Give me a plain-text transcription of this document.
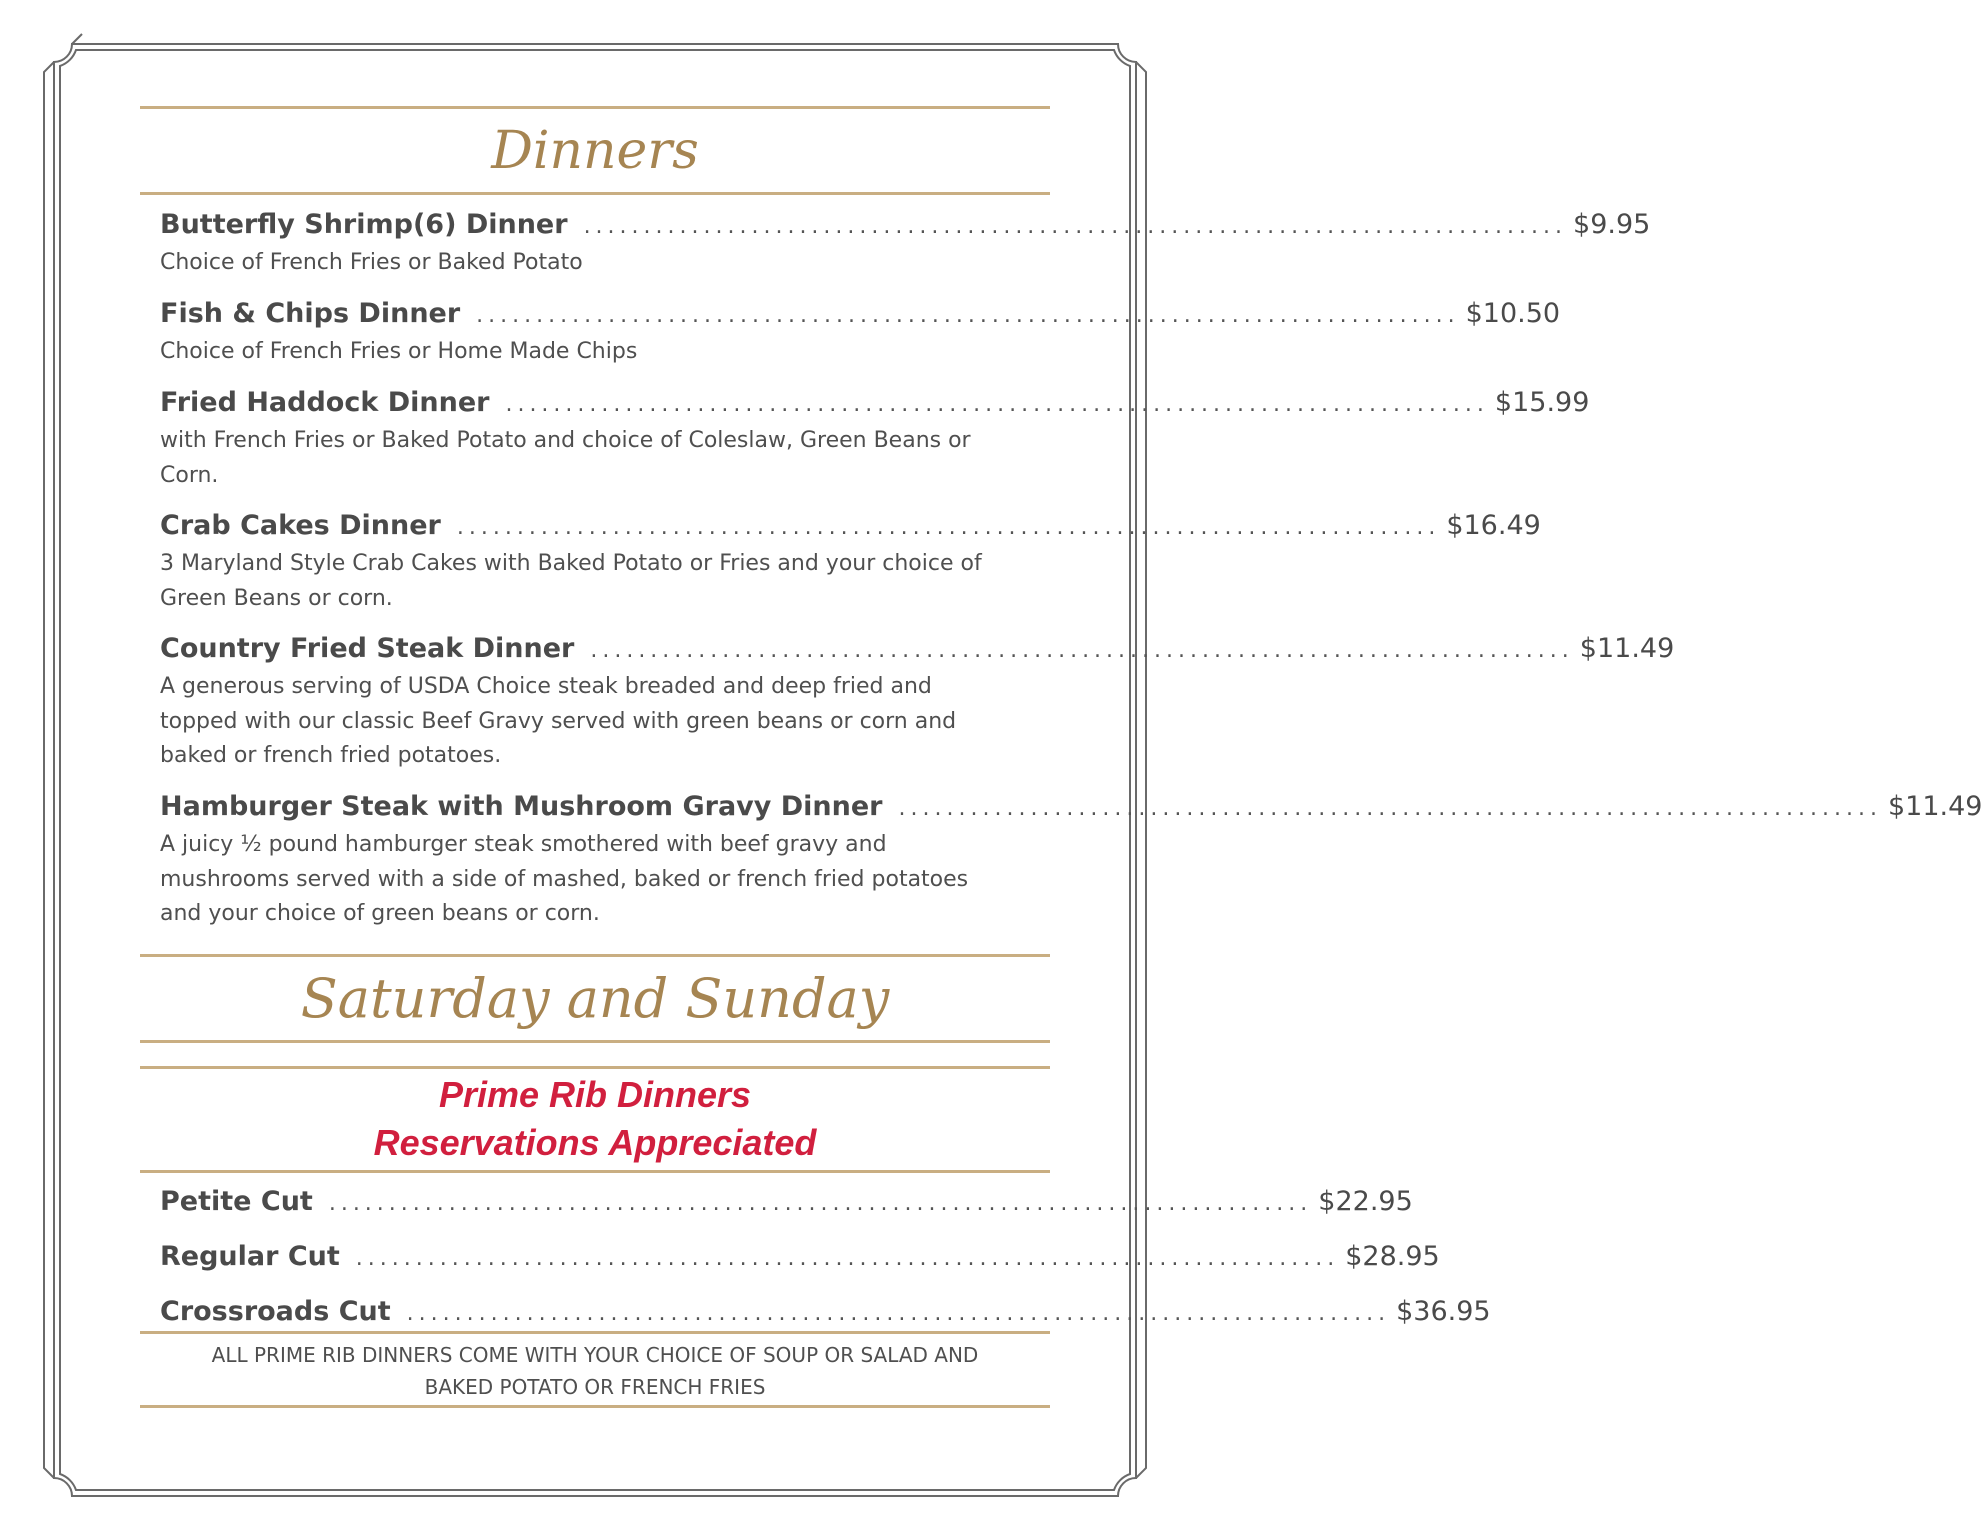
Dinners
Butterfly Shrimp(6) Dinner .................................................................................. $9.95
Choice of French Fries or Baked Potato
Fish & Chips Dinner .................................................................................. $10.50
Choice of French Fries or Home Made Chips
Fried Haddock Dinner .................................................................................. $15.99
with French Fries or Baked Potato and choice of Coleslaw, Green Beans or Corn.
Crab Cakes Dinner .................................................................................. $16.49
3 Maryland Style Crab Cakes with Baked Potato or Fries and your choice of Green Beans or corn.
Country Fried Steak Dinner .................................................................................. $11.49
A generous serving of USDA Choice steak breaded and deep fried and topped with our classic Beef Gravy served with green beans or corn and baked or french fried potatoes.
Hamburger Steak with Mushroom Gravy Dinner .................................................................................. $11.49
A juicy ½ pound hamburger steak smothered with beef gravy and mushrooms served with a side of mashed, baked or french fried potatoes and your choice of green beans or corn.
Saturday and Sunday
Prime Rib Dinners
Reservations Appreciated
Petite Cut .................................................................................. $22.95
Regular Cut .................................................................................. $28.95
Crossroads Cut .................................................................................. $36.95
ALL PRIME RIB DINNERS COME WITH YOUR CHOICE OF SOUP OR SALAD AND
BAKED POTATO OR FRENCH FRIES
